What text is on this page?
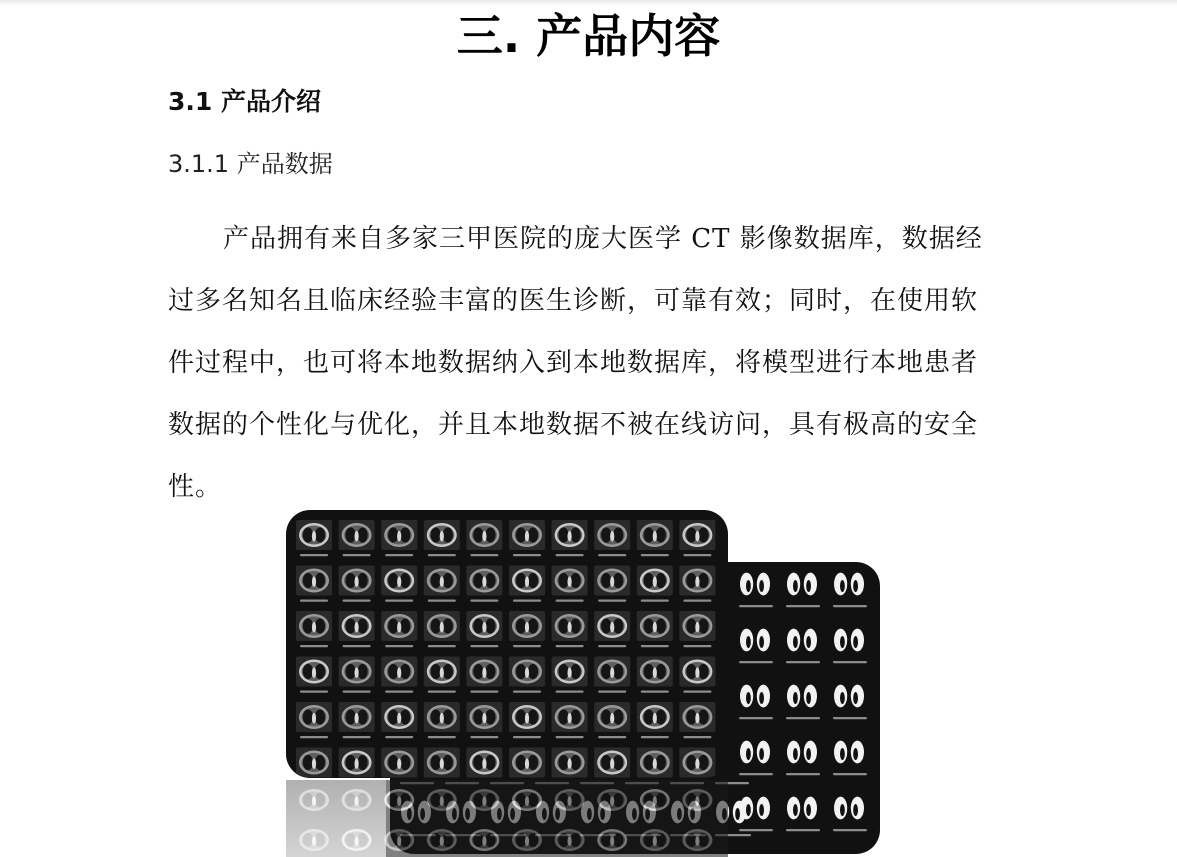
三. 产品内容
3.1 产品介绍
3.1.1 产品数据

产品拥有来自多家三甲医院的庞大医学 CT 影像数据库，数据经过多名知名且临床经验丰富的医生诊断，可靠有效；同时，在使用软件过程中，也可将本地数据纳入到本地数据库，将模型进行本地患者数据的个性化与优化，并且本地数据不被在线访问，具有极高的安全性。
